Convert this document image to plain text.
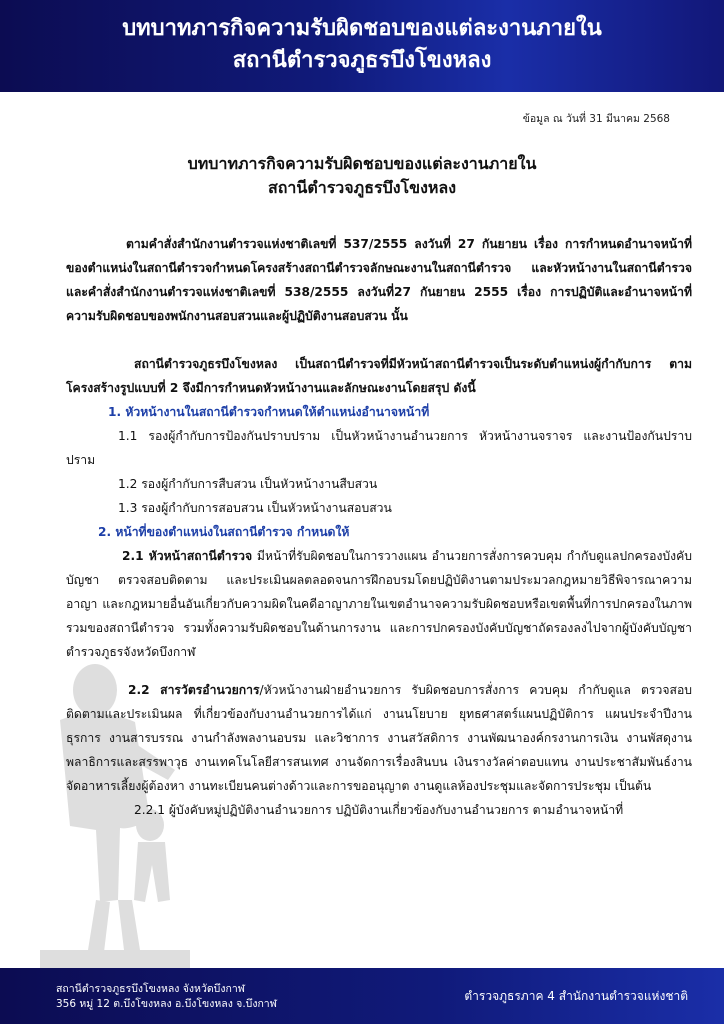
บทบาทภารกิจความรับผิดชอบของแต่ละงานภายใน
สถานีตำรวจภูธรบึงโขงหลง
ข้อมูล ณ วันที่ 31 มีนาคม 2568
บทบาทภารกิจความรับผิดชอบของแต่ละงานภายใน
สถานีตำรวจภูธรบึงโขงหลง

ตามคำสั่งสำนักงานตำรวจแห่งชาติเลขที่ 537/2555 ลงวันที่ 27 กันยายน เรื่อง การกำหนดอำนาจหน้าที่ของตำแหน่งในสถานีตำรวจกำหนดโครงสร้างสถานีตำรวจลักษณะงานในสถานีตำรวจ และหัวหน้างานในสถานีตำรวจ และคำสั่งสำนักงานตำรวจแห่งชาติเลขที่ 538/2555 ลงวันที่27 กันยายน 2555 เรื่อง การปฏิบัติและอำนาจหน้าที่ความรับผิดชอบของพนักงานสอบสวนและผู้ปฏิบัติงานสอบสวน นั้น

สถานีตำรวจภูธรบึงโขงหลง เป็นสถานีตำรวจที่มีหัวหน้าสถานีตำรวจเป็นระดับตำแหน่งผู้กำกับการ ตามโครงสร้างรูปแบบที่ 2 จึงมีการกำหนดหัวหน้างานและลักษณะงานโดยสรุป ดังนี้

1. หัวหน้างานในสถานีตำรวจกำหนดให้ตำแหน่งอำนาจหน้าที่

1.1 รองผู้กำกับการป้องกันปราบปราม เป็นหัวหน้างานอำนวยการ หัวหน้างานจราจร และงานป้องกันปราบปราม

1.2 รองผู้กำกับการสืบสวน เป็นหัวหน้างานสืบสวน

1.3 รองผู้กำกับการสอบสวน เป็นหัวหน้างานสอบสวน

2. หน้าที่ของตำแหน่งในสถานีตำรวจ กำหนดให้

2.1 หัวหน้าสถานีตำรวจ มีหน้าที่รับผิดชอบในการวางแผน อำนวยการสั่งการควบคุม กำกับดูแลปกครองบังคับบัญชา ตรวจสอบติดตาม และประเมินผลตลอดจนการฝึกอบรมโดยปฏิบัติงานตามประมวลกฎหมายวิธีพิจารณาความอาญา และกฎหมายอื่นอันเกี่ยวกับความผิดในคดีอาญาภายในเขตอำนาจความรับผิดชอบหรือเขตพื้นที่การปกครองในภาพรวมของสถานีตำรวจ รวมทั้งความรับผิดชอบในด้านการงาน และการปกครองบังคับบัญชาถัดรองลงไปจากผู้บังคับบัญชาตำรวจภูธรจังหวัดบึงกาฬ

2.2 สารวัตรอำนวยการ/หัวหน้างานฝ่ายอำนวยการ รับผิดชอบการสั่งการ ควบคุม กำกับดูแล ตรวจสอบติดตามและประเมินผล ที่เกี่ยวข้องกับงานอำนวยการได้แก่ งานนโยบาย ยุทธศาสตร์แผนปฏิบัติการ แผนประจำปีงานธุรการ งานสารบรรณ งานกำลังพลงานอบรม และวิชาการ งานสวัสดิการ งานพัฒนาองค์กรงานการเงิน งานพัสดุงานพลาธิการและสรรพาวุธ งานเทคโนโลยีสารสนเทศ งานจัดการเรื่องสินบน เงินรางวัลค่าตอบแทน งานประชาสัมพันธ์งานจัดอาหารเลี้ยงผู้ต้องหา งานทะเบียนคนต่างด้าวและการขออนุญาต งานดูแลห้องประชุมและจัดการประชุม เป็นต้น

2.2.1 ผู้บังคับหมู่ปฏิบัติงานอำนวยการ ปฏิบัติงานเกี่ยวข้องกับงานอำนวยการ ตามอำนาจหน้าที่

สถานีตำรวจภูธรบึงโขงหลง จังหวัดบึงกาฬ
356 หมู่ 12 ต.บึงโขงหลง อ.บึงโขงหลง จ.บึงกาฬ
ตำรวจภูธรภาค 4 สำนักงานตำรวจแห่งชาติ
